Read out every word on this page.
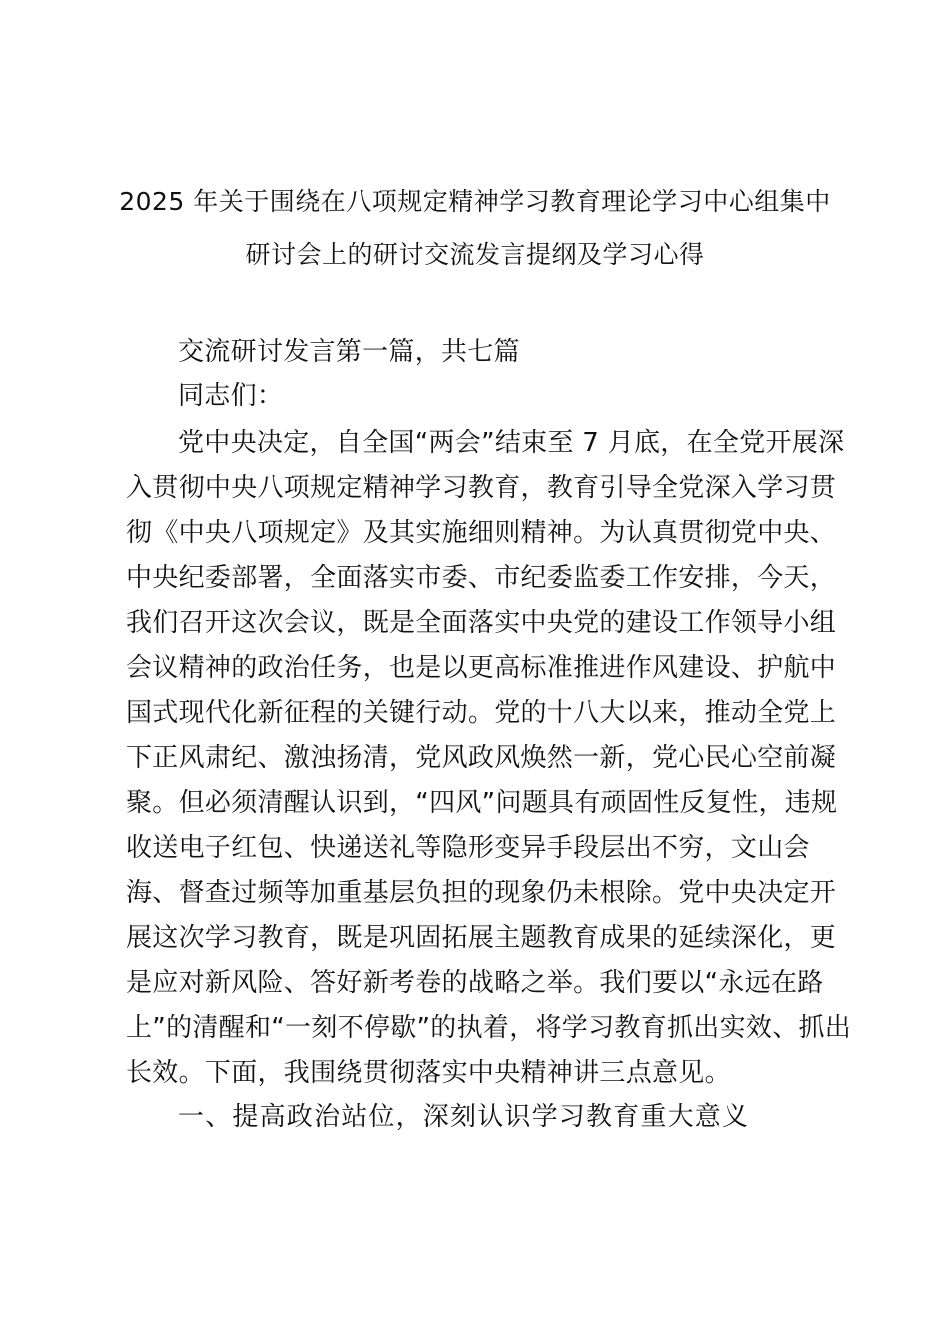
2025 年关于围绕在八项规定精神学习教育理论学习中心组集中
研讨会上的研讨交流发言提纲及学习心得
交流研讨发言第一篇，共七篇
同志们：
党中央决定，自全国“两会”结束至 7 月底，在全党开展深
入贯彻中央八项规定精神学习教育，教育引导全党深入学习贯
彻《中央八项规定》及其实施细则精神。为认真贯彻党中央、
中央纪委部署，全面落实市委、市纪委监委工作安排，今天，
我们召开这次会议，既是全面落实中央党的建设工作领导小组
会议精神的政治任务，也是以更高标准推进作风建设、护航中
国式现代化新征程的关键行动。党的十八大以来，推动全党上
下正风肃纪、激浊扬清，党风政风焕然一新，党心民心空前凝
聚。但必须清醒认识到，“四风”问题具有顽固性反复性，违规
收送电子红包、快递送礼等隐形变异手段层出不穷，文山会
海、督查过频等加重基层负担的现象仍未根除。党中央决定开
展这次学习教育，既是巩固拓展主题教育成果的延续深化，更
是应对新风险、答好新考卷的战略之举。我们要以“永远在路
上”的清醒和“一刻不停歇”的执着，将学习教育抓出实效、抓出
长效。下面，我围绕贯彻落实中央精神讲三点意见。
一、提高政治站位，深刻认识学习教育重大意义
